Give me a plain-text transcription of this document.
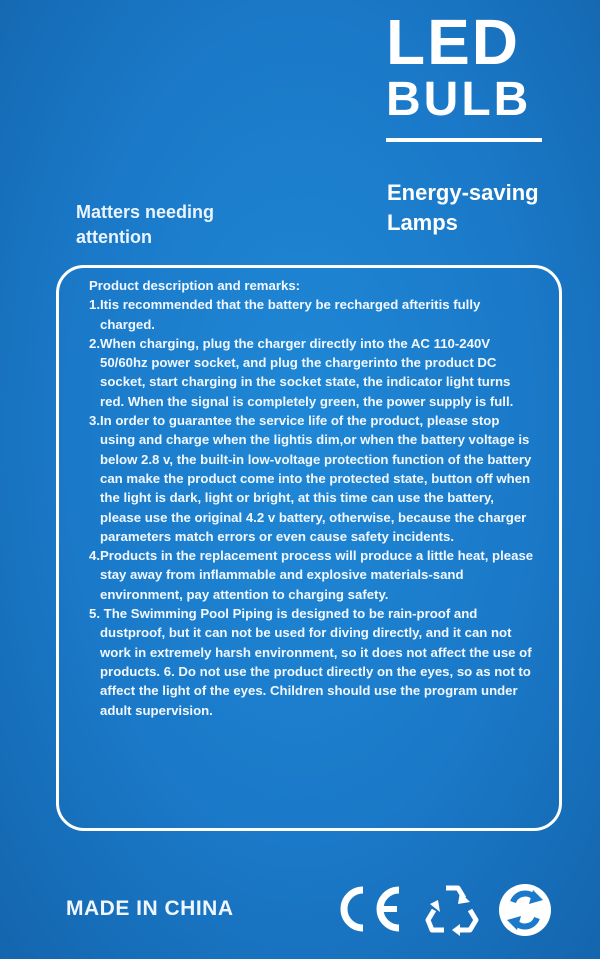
LED
BULB
Energy-saving
Lamps
Matters needing
attention

Product description and remarks:

1.Itis recommended that the battery be recharged afteritis fully charged.

2.When charging, plug the charger directly into the AC 110-240V 50/60hz power socket, and plug the chargerinto the product DC socket, start charging in the socket state, the indicator light turns red. When the signal is completely green, the power supply is full.

3.In order to guarantee the service life of the product, please stop using and charge when the lightis dim,or when the battery voltage is below 2.8 v, the built-in low-voltage protection function of the battery can make the product come into the protected state, button off when the light is dark, light or bright, at this time can use the battery, please use the original 4.2 v battery, otherwise, because the charger parameters match errors or even cause safety incidents.

4.Products in the replacement process will produce a little heat, please stay away from inflammable and explosive materials-sand environment, pay attention to charging safety.

5. The Swimming Pool Piping is designed to be rain-proof and dustproof, but it can not be used for diving directly, and it can not work in extremely harsh environment, so it does not affect the use of products. 6. Do not use the product directly on the eyes, so as not to affect the light of the eyes. Children should use the program under adult supervision.

MADE IN CHINA
